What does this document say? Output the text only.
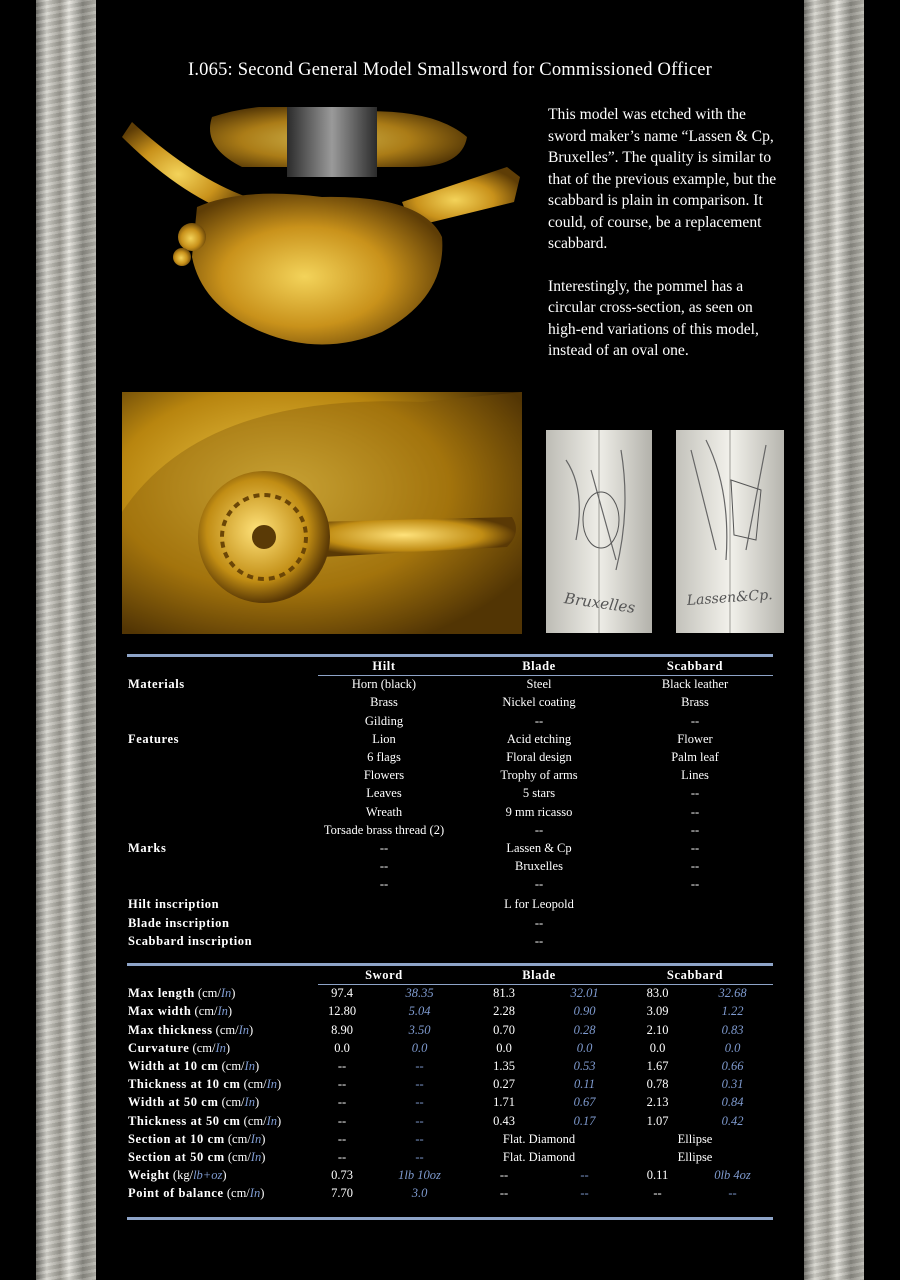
I.065: Second General Model Smallsword for Commissioned Officer
Bruxelles	Lassen&Cp.

This model was etched with the sword maker’s name “Lassen & Cp, Bruxelles”. The quality is similar to that of the previous example, but the scabbard is plain in comparison. It could, of course, be a replacement scabbard.

Interestingly, the pommel has a circular cross-section, as seen on high-end variations of this model, instead of an oval one.

Hilt	Blade	Scabbard
Materials	Horn (black)	Steel	Black leather
Brass	Nickel coating	Brass
Gilding	--	--
Features	Lion	Acid etching	Flower
6 flags	Floral design	Palm leaf
Flowers	Trophy of arms	Lines
Leaves	5 stars	--
Wreath	9 mm ricasso	--
Torsade brass thread (2)	--	--
Marks	--	Lassen & Cp	--
--	Bruxelles	--
--	--	--
Hilt inscription	L for Leopold
Blade inscription	--
Scabbard inscription	--
Sword	Blade	Scabbard
Max length (cm/In)	97.4	38.35	81.3	32.01	83.0	32.68
Max width (cm/In)	12.80	5.04	2.28	0.90	3.09	1.22
Max thickness (cm/In)	8.90	3.50	0.70	0.28	2.10	0.83
Curvature (cm/In)	0.0	0.0	0.0	0.0	0.0	0.0
Width at 10 cm (cm/In)	--	--	1.35	0.53	1.67	0.66
Thickness at 10 cm (cm/In)	--	--	0.27	0.11	0.78	0.31
Width at 50 cm (cm/In)	--	--	1.71	0.67	2.13	0.84
Thickness at 50 cm (cm/In)	--	--	0.43	0.17	1.07	0.42
Section at 10 cm (cm/In)	--	--	Flat. Diamond	Ellipse
Section at 50 cm (cm/In)	--	--	Flat. Diamond	Ellipse
Weight (kg/lb+oz)	0.73	1lb 10oz	--	--	0.11	0lb 4oz
Point of balance (cm/In)	7.70	3.0	--	--	--	--
